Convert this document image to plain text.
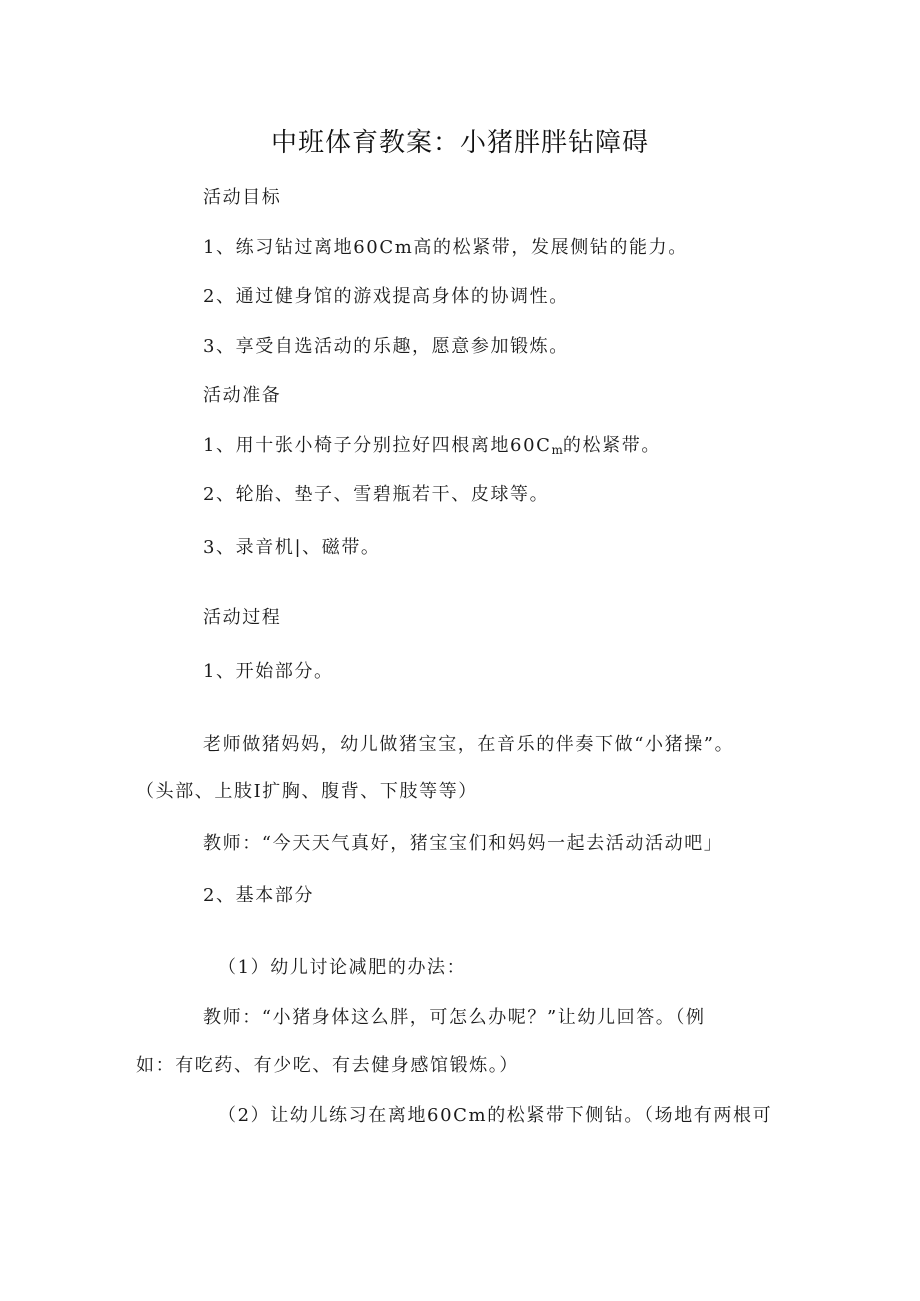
中班体育教案：小猪胖胖钻障碍

活动目标

1、练习钻过离地60Cm高的松紧带，发展侧钻的能力。

2、通过健身馆的游戏提高身体的协调性。

3、享受自选活动的乐趣，愿意参加锻炼。

活动准备

1、用十张小椅子分别拉好四根离地$60C_m$的松紧带。

2、轮胎、垫子、雪碧瓶若干、皮球等。

3、录音机|、磁带。

活动过程

1、开始部分。

老师做猪妈妈，幼儿做猪宝宝，在音乐的伴奏下做“小猪操”。

（头部、上肢I扩胸、腹背、下肢等等）

教师：“今天天气真好，猪宝宝们和妈妈一起去活动活动吧」

2、基本部分

（1）幼儿讨论减肥的办法：

教师：“小猪身体这么胖，可怎么办呢？”让幼儿回答。（例

如：有吃药、有少吃、有去健身感馆锻炼。）

（2）让幼儿练习在离地60Cm的松紧带下侧钻。（场地有两根可
